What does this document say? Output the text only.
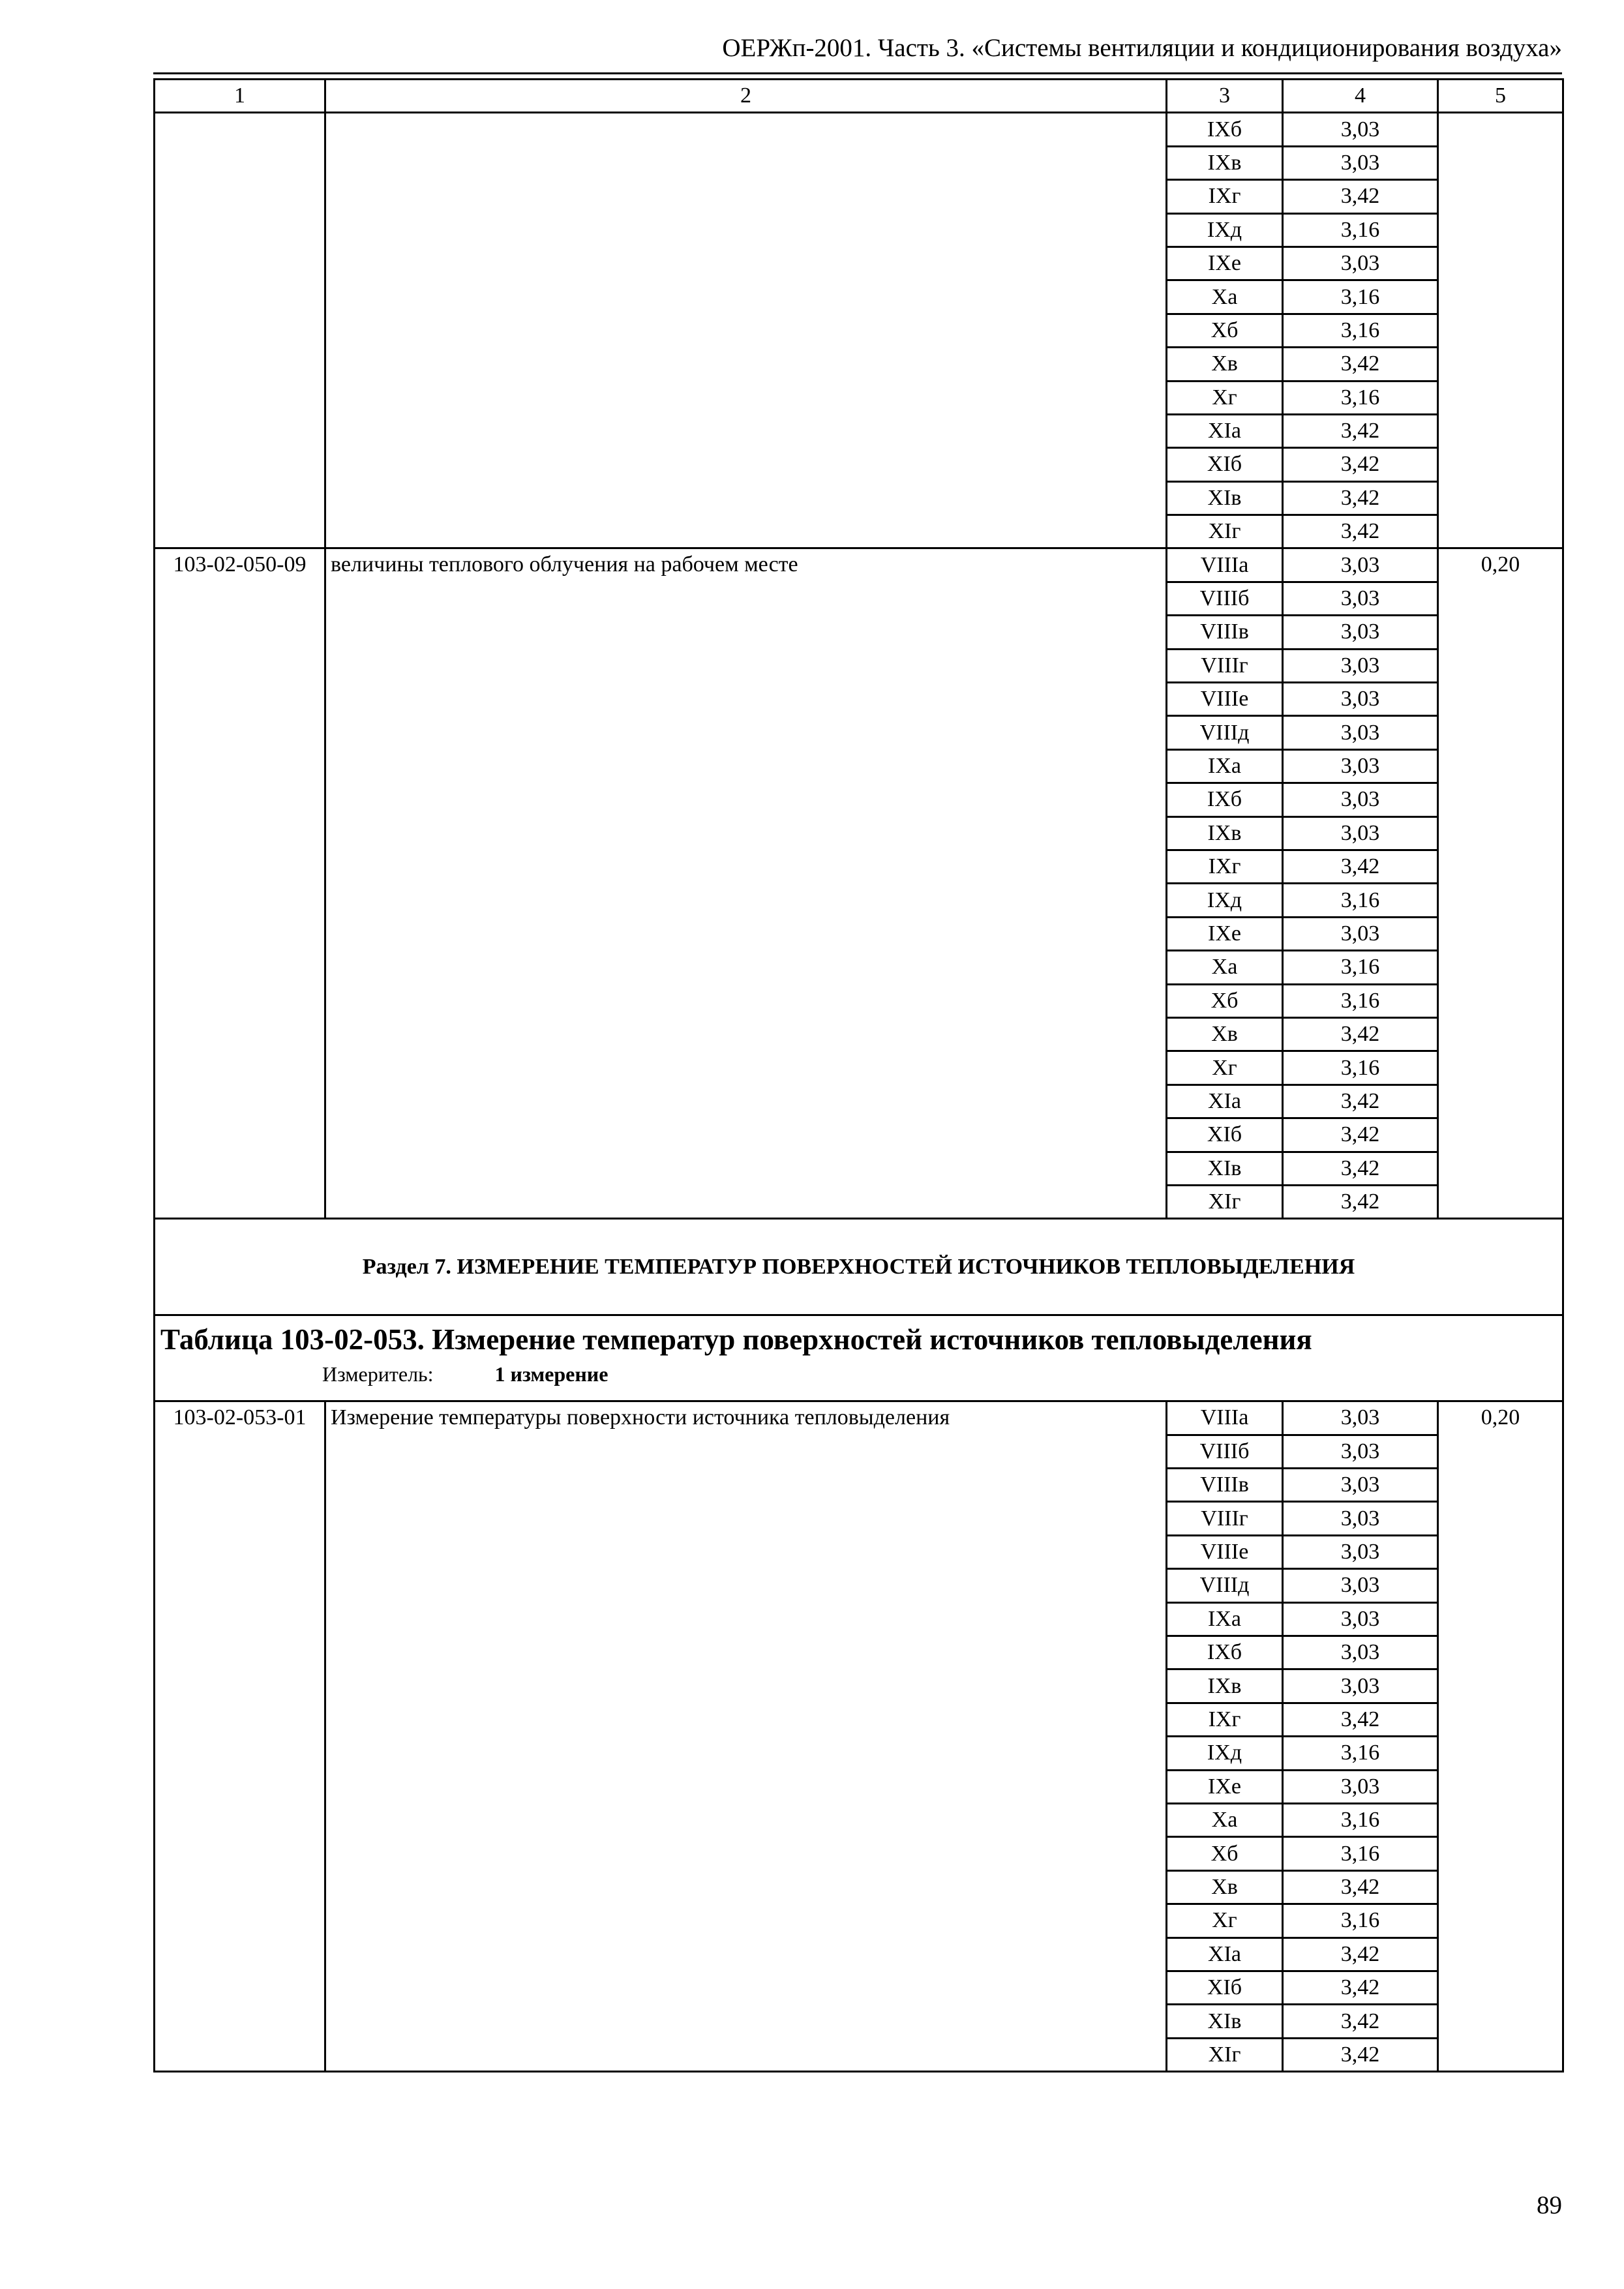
ОЕРЖп-2001. Часть 3. «Системы вентиляции и кондиционирования воздуха»
1	2	3	4	5
		IXб	3,03	
		IXв	3,03	
		IXг	3,42	
		IXд	3,16	
		IXе	3,03	
		Xа	3,16	
		Xб	3,16	
		Xв	3,42	
		Xг	3,16	
		XIа	3,42	
		XIб	3,42	
		XIв	3,42	
		XIг	3,42	
103-02-050-09	величины теплового облучения на рабочем месте	VIIIа	3,03	0,20
		VIIIб	3,03	
		VIIIв	3,03	
		VIIIг	3,03	
		VIIIе	3,03	
		VIIIд	3,03	
		IXа	3,03	
		IXб	3,03	
		IXв	3,03	
		IXг	3,42	
		IXд	3,16	
		IXе	3,03	
		Xа	3,16	
		Xб	3,16	
		Xв	3,42	
		Xг	3,16	
		XIа	3,42	
		XIб	3,42	
		XIв	3,42	
		XIг	3,42	
Раздел 7. ИЗМЕРЕНИЕ ТЕМПЕРАТУР ПОВЕРХНОСТЕЙ ИСТОЧНИКОВ ТЕПЛОВЫДЕЛЕНИЯ				

Таблица 103-02-053. Измерение температур поверхностей источников тепловыделения
Измеритель: 1 измерение				

103-02-053-01	Измерение температуры поверхности источника тепловыделения	VIIIа	3,03	0,20
		VIIIб	3,03	
		VIIIв	3,03	
		VIIIг	3,03	
		VIIIе	3,03	
		VIIIд	3,03	
		IXа	3,03	
		IXб	3,03	
		IXв	3,03	
		IXг	3,42	
		IXд	3,16	
		IXе	3,03	
		Xа	3,16	
		Xб	3,16	
		Xв	3,42	
		Xг	3,16	
		XIа	3,42	
		XIб	3,42	
		XIв	3,42	
		XIг	3,42	
89
